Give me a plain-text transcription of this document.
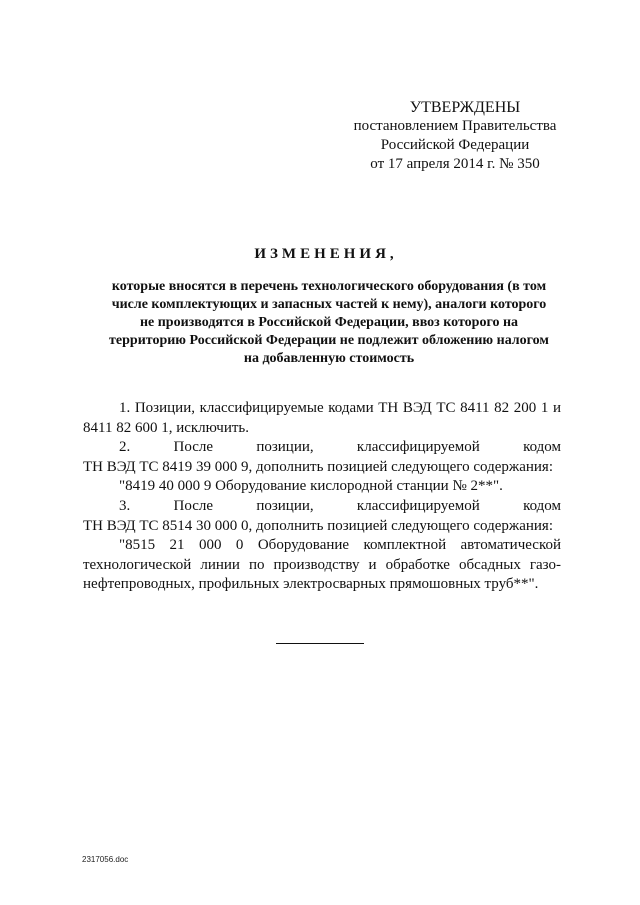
УТВЕРЖДЕНЫ
постановлением Правительства
Российской Федерации
от 17 апреля 2014 г. № 350
ИЗМЕНЕНИЯ,
которые вносятся в перечень технологического оборудования (в том
числе комплектующих и запасных частей к нему), аналоги которого
не производятся в Российской Федерации, ввоз которого на
территорию Российской Федерации не подлежит обложению налогом
на добавленную стоимость
1. Позиции, классифицируемые кодами ТН ВЭД ТС 8411 82 200 1 и
8411 82 600 1, исключить.
2. После позиции, классифицируемой кодом
ТН ВЭД ТС 8419 39 000 9, дополнить позицией следующего содержания:
"8419 40 000 9 Оборудование кислородной станции № 2**".
3. После позиции, классифицируемой кодом
ТН ВЭД ТС 8514 30 000 0, дополнить позицией следующего содержания:
"8515 21 000 0 Оборудование комплектной автоматической
технологической линии по производству и обработке обсадных газо-
нефтепроводных, профильных электросварных прямошовных труб**".
2317056.doc
